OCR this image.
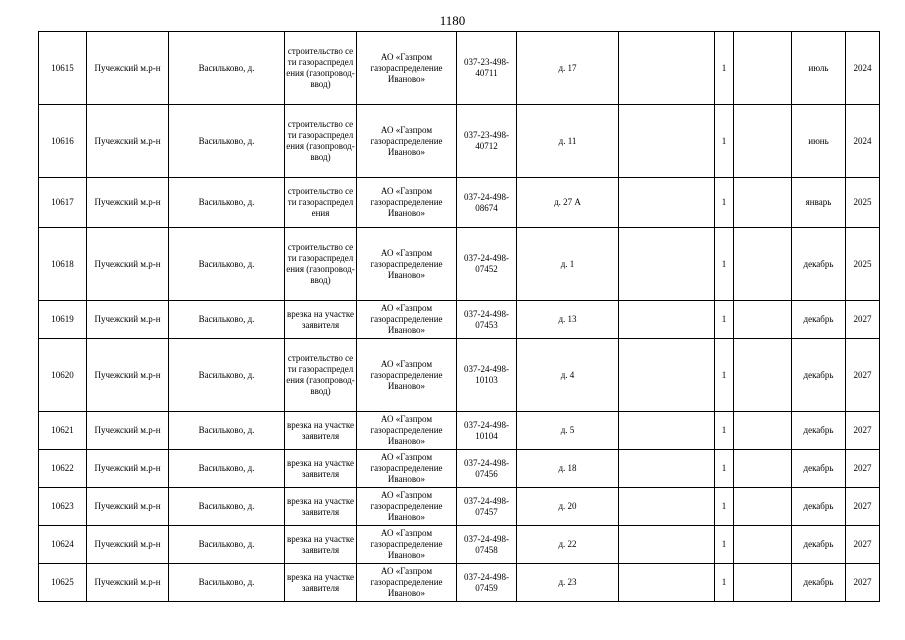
1180
10615	Пучежский м.р-н	Васильково, д.	строительство сети газораспределения (газопровод-ввод)	АО «Газпром газораспределение Иваново»	037-23-498-40711	д. 17		1		июль	2024
10616	Пучежский м.р-н	Васильково, д.	строительство сети газораспределения (газопровод-ввод)	АО «Газпром газораспределение Иваново»	037-23-498-40712	д. 11		1		июнь	2024
10617	Пучежский м.р-н	Васильково, д.	строительство сети газораспределения	АО «Газпром газораспределение Иваново»	037-24-498-08674	д. 27 А		1		январь	2025
10618	Пучежский м.р-н	Васильково, д.	строительство сети газораспределения (газопровод-ввод)	АО «Газпром газораспределение Иваново»	037-24-498-07452	д. 1		1		декабрь	2025
10619	Пучежский м.р-н	Васильково, д.	врезка на участке заявителя	АО «Газпром газораспределение Иваново»	037-24-498-07453	д. 13		1		декабрь	2027
10620	Пучежский м.р-н	Васильково, д.	строительство сети газораспределения (газопровод-ввод)	АО «Газпром газораспределение Иваново»	037-24-498-10103	д. 4		1		декабрь	2027
10621	Пучежский м.р-н	Васильково, д.	врезка на участке заявителя	АО «Газпром газораспределение Иваново»	037-24-498-10104	д. 5		1		декабрь	2027
10622	Пучежский м.р-н	Васильково, д.	врезка на участке заявителя	АО «Газпром газораспределение Иваново»	037-24-498-07456	д. 18		1		декабрь	2027
10623	Пучежский м.р-н	Васильково, д.	врезка на участке заявителя	АО «Газпром газораспределение Иваново»	037-24-498-07457	д. 20		1		декабрь	2027
10624	Пучежский м.р-н	Васильково, д.	врезка на участке заявителя	АО «Газпром газораспределение Иваново»	037-24-498-07458	д. 22		1		декабрь	2027
10625	Пучежский м.р-н	Васильково, д.	врезка на участке заявителя	АО «Газпром газораспределение Иваново»	037-24-498-07459	д. 23		1		декабрь	2027
